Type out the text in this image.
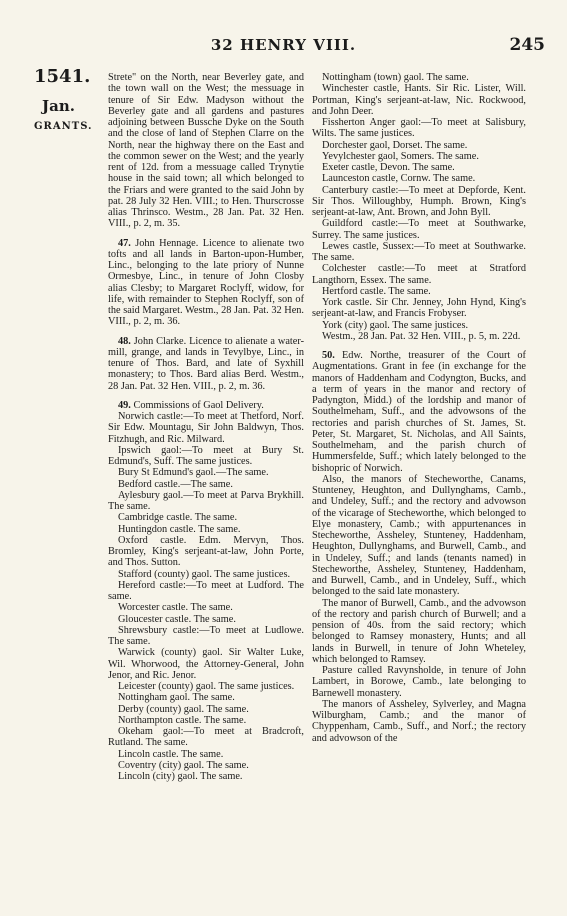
32 HENRY VIII.	245
1541.
Jan.
GRANTS.

Strete" on the North, near Beverley gate, and the town wall on the West; the messuage in tenure of Sir Edw. Madyson without the Beverley gate and all gardens and pastures adjoining between Bussche Dyke on the South and the close of land of Stephen Clarre on the North, near the highway there on the East and the common sewer on the West; and the yearly rent of 12d. from a messuage called Trynytie house in the said town; all which belonged to the Friars and were granted to the said John by pat. 28 July 32 Hen. VIII.; to Hen. Thurscrosse alias Thrinsco. Westm., 28 Jan. Pat. 32 Hen. VIII., p. 2, m. 35.

47. John Hennage. Licence to alienate two tofts and all lands in Barton-upon-Humber, Linc., belonging to the late priory of Nunne Ormesbye, Linc., in tenure of John Closby alias Clesby; to Margaret Roclyff, widow, for life, with remainder to Stephen Roclyff, son of the said Margaret. Westm., 28 Jan. Pat. 32 Hen. VIII., p. 2, m. 36.

48. John Clarke. Licence to alienate a water-mill, grange, and lands in Tevylbye, Linc., in tenure of Thos. Bard, and late of Syxhill monastery; to Thos. Bard alias Berd. Westm., 28 Jan. Pat. 32 Hen. VIII., p. 2, m. 36.

49. Commissions of Gaol Delivery.

Norwich castle:—To meet at Thetford, Norf. Sir Edw. Mountagu, Sir John Baldwyn, Thos. Fitzhugh, and Ric. Milward.

Ipswich gaol:—To meet at Bury St. Edmund's, Suff. The same justices.

Bury St Edmund's gaol.—The same.

Bedford castle.—The same.

Aylesbury gaol.—To meet at Parva Brykhill. The same.

Cambridge castle. The same.

Huntingdon castle. The same.

Oxford castle. Edm. Mervyn, Thos. Bromley, King's serjeant-at-law, John Porte, and Thos. Sutton.

Stafford (county) gaol. The same justices.

Hereford castle:—To meet at Ludford. The same.

Worcester castle. The same.

Gloucester castle. The same.

Shrewsbury castle:—To meet at Ludlowe. The same.

Warwick (county) gaol. Sir Walter Luke, Wil. Whorwood, the Attorney-General, John Jenor, and Ric. Jenor.

Leicester (county) gaol. The same justices.

Nottingham gaol. The same.

Derby (county) gaol. The same.

Northampton castle. The same.

Okeham gaol:—To meet at Bradcroft, Rutland. The same.

Lincoln castle. The same.

Coventry (city) gaol. The same.

Lincoln (city) gaol. The same.

Nottingham (town) gaol. The same.

Winchester castle, Hants. Sir Ric. Lister, Will. Portman, King's serjeant-at-law, Nic. Rockwood, and John Deer.

Fissherton Anger gaol:—To meet at Salisbury, Wilts. The same justices.

Dorchester gaol, Dorset. The same.

Yevylchester gaol, Somers. The same.

Exeter castle, Devon. The same.

Launceston castle, Cornw. The same.

Canterbury castle:—To meet at Depforde, Kent. Sir Thos. Willoughby, Humph. Brown, King's serjeant-at-law, Ant. Brown, and John Byll.

Guildford castle:—To meet at Southwarke, Surrey. The same justices.

Lewes castle, Sussex:—To meet at Southwarke. The same.

Colchester castle:—To meet at Stratford Langthorn, Essex. The same.

Hertford castle. The same.

York castle. Sir Chr. Jenney, John Hynd, King's serjeant-at-law, and Francis Frobyser.

York (city) gaol. The same justices.

Westm., 28 Jan. Pat. 32 Hen. VIII., p. 5, m. 22d.

50. Edw. Northe, treasurer of the Court of Augmentations. Grant in fee (in exchange for the manors of Haddenham and Codyngton, Bucks, and a term of years in the manor and rectory of Padyngton, Midd.) of the lordship and manor of Southelmeham, Suff., and the advowsons of the rectories and parish churches of St. James, St. Peter, St. Margaret, St. Nicholas, and All Saints, Southelmeham, and the parish church of Hummersfelde, Suff.; which lately belonged to the bishopric of Norwich.

Also, the manors of Stecheworthe, Canams, Stunteney, Heughton, and Dullynghams, Camb., and Undeley, Suff.; and the rectory and advowson of the vicarage of Stecheworthe, which belonged to Elye monastery, Camb.; with appurtenances in Stecheworthe, Assheley, Stunteney, Haddenham, Heughton, Dullynghams, and Burwell, Camb., and in Undeley, Suff.; and lands (tenants named) in Stecheworthe, Assheley, Stunteney, Haddenham, and Burwell, Camb., and in Undeley, Suff., which belonged to the said late monastery.

The manor of Burwell, Camb., and the advowson of the rectory and parish church of Burwell; and a pension of 40s. from the said rectory; which belonged to Ramsey monastery, Hunts; and all lands in Burwell, in tenure of John Wheteley, which belonged to Ramsey.

Pasture called Ravynsholde, in tenure of John Lambert, in Borowe, Camb., late belonging to Barnewell monastery.

The manors of Assheley, Sylverley, and Magna Wilburgham, Camb.; and the manor of Chyppenham, Camb., Suff., and Norf.; the rectory and advowson of the
